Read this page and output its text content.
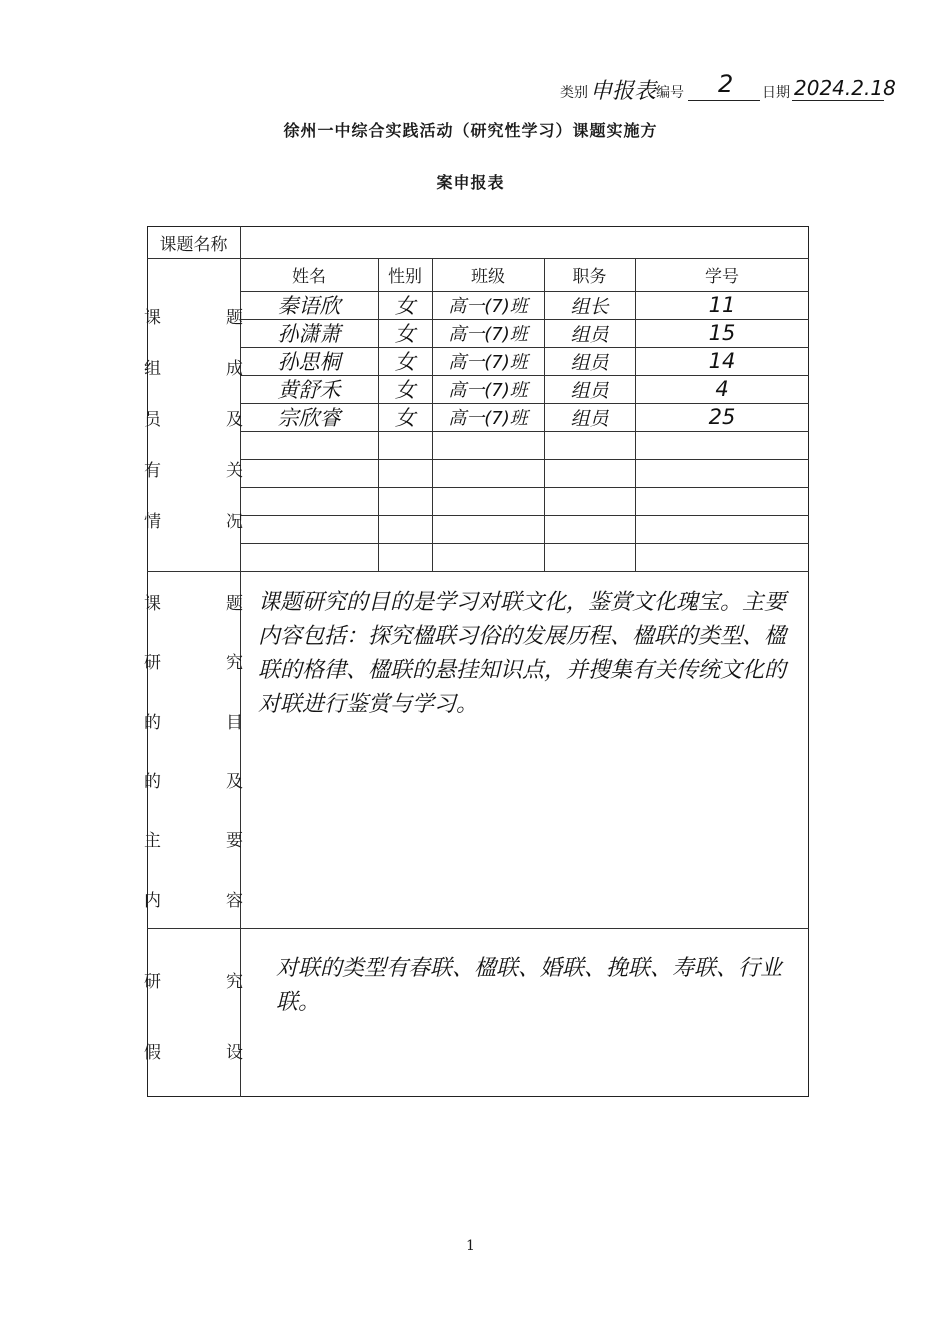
类别 申报表 编号 2 日期 2024.2.18
徐州一中综合实践活动（研究性学习）课题实施方
案申报表
课题名称
课　题
组　成
员　及
有　关
情　况
姓名	性别	班级	职务	学号
秦语欣	女	高一(7)班	组长	11
孙潇萧	女	高一(7)班	组员	15
孙思桐	女	高一(7)班	组员	14
黄舒禾	女	高一(7)班	组员	4
宗欣睿	女	高一(7)班	组员	25
课　题
研　究
的　目
的　及
主　要
内　容
课题研究的目的是学习对联文化，鉴赏文化瑰宝。主要内容包括：探究楹联习俗的发展历程、楹联的类型、楹联的格律、楹联的悬挂知识点，并搜集有关传统文化的对联进行鉴赏与学习。
研　究
假　设
对联的类型有春联、楹联、婚联、挽联、寿联、行业联。
1
